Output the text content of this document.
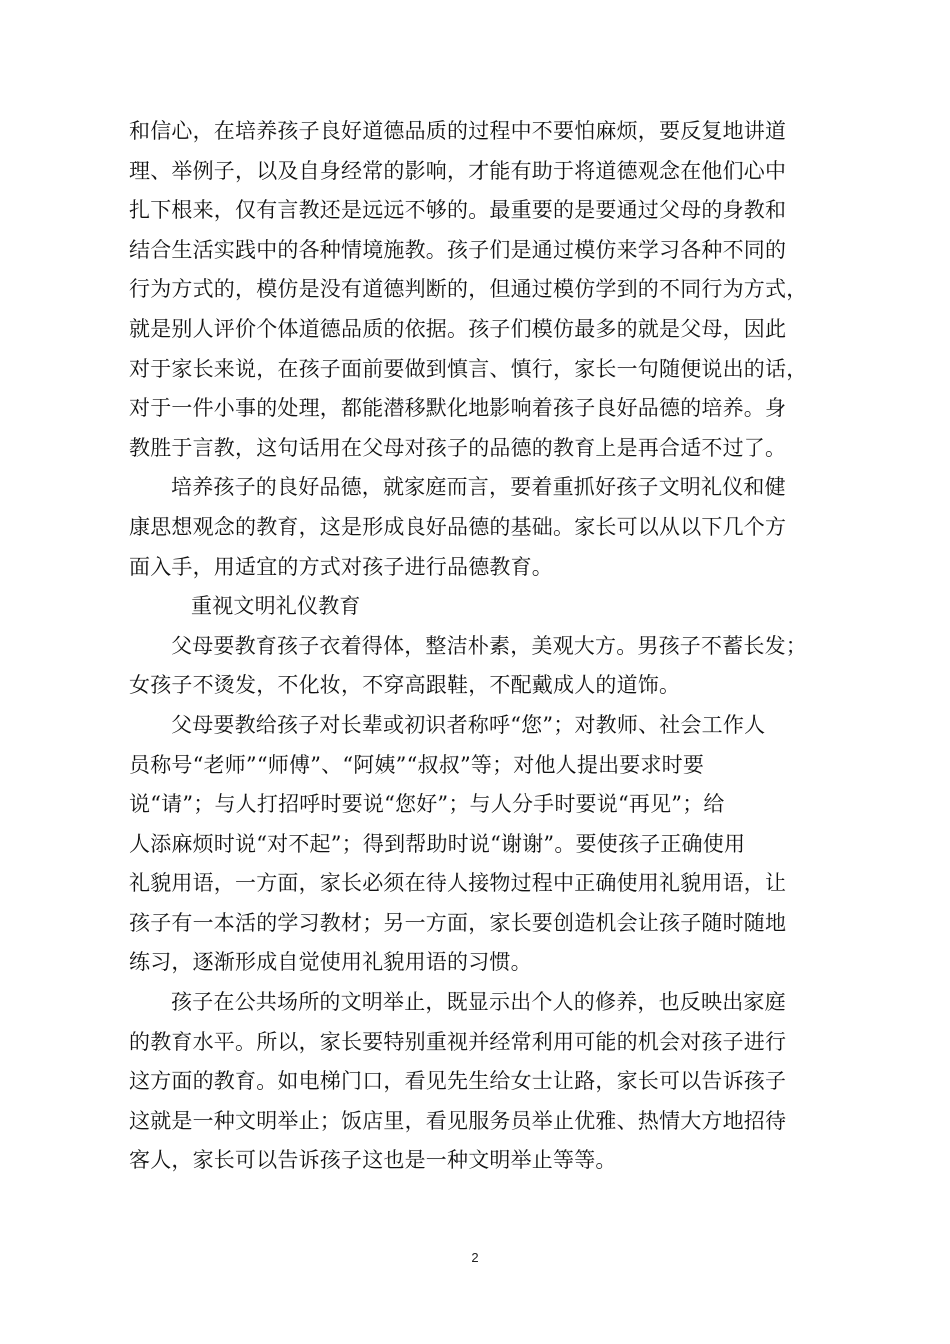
和信心，在培养孩子良好道德品质的过程中不要怕麻烦，要反复地讲道
理、举例子，以及自身经常的影响，才能有助于将道德观念在他们心中
扎下根来，仅有言教还是远远不够的。最重要的是要通过父母的身教和
结合生活实践中的各种情境施教。孩子们是通过模仿来学习各种不同的
行为方式的，模仿是没有道德判断的，但通过模仿学到的不同行为方式，
就是别人评价个体道德品质的依据。孩子们模仿最多的就是父母，因此
对于家长来说，在孩子面前要做到慎言、慎行，家长一句随便说出的话，
对于一件小事的处理，都能潜移默化地影响着孩子良好品德的培养。身
教胜于言教，这句话用在父母对孩子的品德的教育上是再合适不过了。
培养孩子的良好品德，就家庭而言，要着重抓好孩子文明礼仪和健
康思想观念的教育，这是形成良好品德的基础。家长可以从以下几个方
面入手，用适宜的方式对孩子进行品德教育。
重视文明礼仪教育
父母要教育孩子衣着得体，整洁朴素，美观大方。男孩子不蓄长发；
女孩子不烫发，不化妆，不穿高跟鞋，不配戴成人的道饰。
父母要教给孩子对长辈或初识者称呼“您”；对教师、社会工作人
员称号“老师”“师傅”、“阿姨”“叔叔”等；对他人提出要求时要
说“请”；与人打招呼时要说“您好”；与人分手时要说“再见”；给
人添麻烦时说“对不起”；得到帮助时说“谢谢”。要使孩子正确使用
礼貌用语，一方面，家长必须在待人接物过程中正确使用礼貌用语，让
孩子有一本活的学习教材；另一方面，家长要创造机会让孩子随时随地
练习，逐渐形成自觉使用礼貌用语的习惯。
孩子在公共场所的文明举止，既显示出个人的修养，也反映出家庭
的教育水平。所以，家长要特别重视并经常利用可能的机会对孩子进行
这方面的教育。如电梯门口，看见先生给女士让路，家长可以告诉孩子
这就是一种文明举止；饭店里，看见服务员举止优雅、热情大方地招待
客人，家长可以告诉孩子这也是一种文明举止等等。
2
